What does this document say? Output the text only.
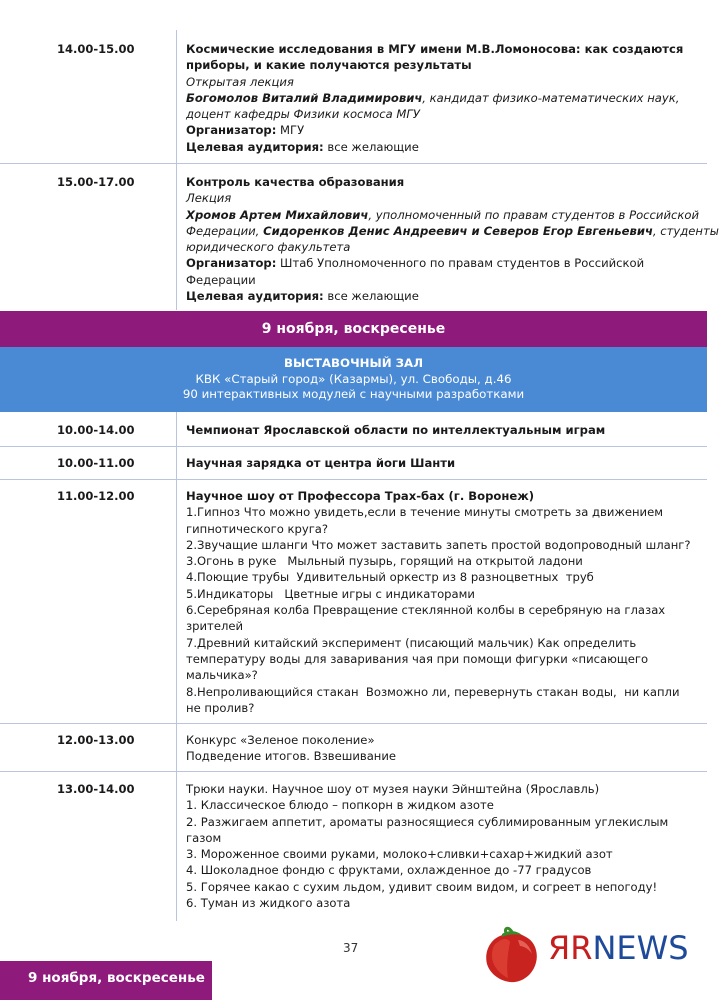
14.00-15.00	Космические исследования в МГУ имени М.В.Ломоносова: как создаются
приборы, и какие получаются результаты
Открытая лекция
Богомолов Виталий Владимирович, кандидат физико-математических наук,
доцент кафедры Физики космоса МГУ
Организатор: МГУ
Целевая аудитория: все желающие
15.00-17.00	Контроль качества образования
Лекция
Хромов Артем Михайлович, уполномоченный по правам студентов в Российской
Федерации, Сидоренков Денис Андреевич и Северов Егор Евгеньевич, студенты
юридического факультета
Организатор: Штаб Уполномоченного по правам студентов в Российской
Федерации
Целевая аудитория: все желающие
9 ноября, воскресенье
ВЫСТАВОЧНЫЙ ЗАЛ
КВК «Старый город» (Казармы), ул. Свободы, д.46
90 интерактивных модулей с научными разработками
10.00-14.00	Чемпионат Ярославской области по интеллектуальным играм
10.00-11.00	Научная зарядка от центра йоги Шанти
11.00-12.00	Научное шоу от Профессора Трах-бах (г. Воронеж)
1.Гипноз Что можно увидеть,если в течение минуты смотреть за движением
гипнотического круга?
2.Звучащие шланги Что может заставить запеть простой водопроводный шланг?
3.Огонь в руке   Мыльный пузырь, горящий на открытой ладони
4.Поющие трубы  Удивительный оркестр из 8 разноцветных  труб
5.Индикаторы   Цветные игры с индикаторами
6.Серебряная колба Превращение стеклянной колбы в серебряную на глазах
зрителей
7.Древний китайский эксперимент (писающий мальчик) Как определить
температуру воды для заваривания чая при помощи фигурки «писающего
мальчика»?
8.Непроливающийся стакан  Возможно ли, перевернуть стакан воды,  ни капли
не пролив?
12.00-13.00	Конкурс «Зеленое поколение»
Подведение итогов. Взвешивание
13.00-14.00	Трюки науки. Научное шоу от музея науки Эйнштейна (Ярославль)
1. Классическое блюдо – попкорн в жидком азоте
2. Разжигаем аппетит, ароматы разносящиеся сублимированным углекислым
газом
3. Мороженное своими руками, молоко+сливки+сахар+жидкий азот
4. Шоколадное фондю с фруктами, охлажденное до -77 градусов
5. Горячее какао с сухим льдом, удивит своим видом, и согреет в непогоду!
6. Туман из жидкого азота
37	ЯRNEWS
9 ноября, воскресенье
